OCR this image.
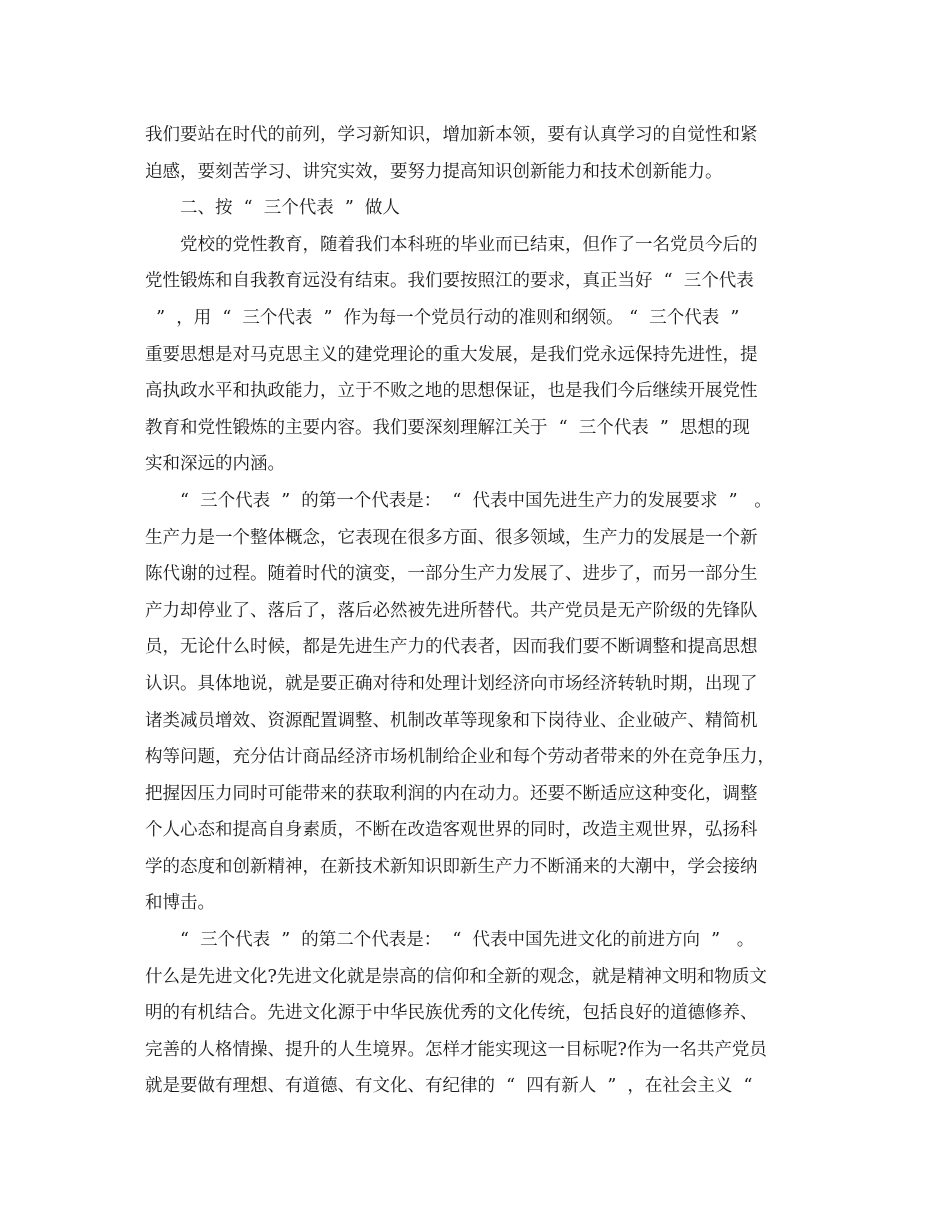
我们要站在时代的前列，学习新知识，增加新本领，要有认真学习的自觉性和紧
迫感，要刻苦学习、讲究实效，要努力提高知识创新能力和技术创新能力。
二、按  “  三个代表  ”  做人
党校的党性教育，随着我们本科班的毕业而已结束，但作了一名党员今后的
党性锻炼和自我教育远没有结束。我们要按照江的要求，真正当好  “  三个代表
”  ，用  “  三个代表  ”  作为每一个党员行动的准则和纲领。 “  三个代表  ”
重要思想是对马克思主义的建党理论的重大发展，是我们党永远保持先进性，提
高执政水平和执政能力，立于不败之地的思想保证，也是我们今后继续开展党性
教育和党性锻炼的主要内容。我们要深刻理解江关于  “  三个代表  ”  思想的现
实和深远的内涵。
“  三个代表  ”  的第一个代表是：  “  代表中国先进生产力的发展要求  ”   。
生产力是一个整体概念，它表现在很多方面、很多领域，生产力的发展是一个新
陈代谢的过程。随着时代的演变，一部分生产力发展了、进步了，而另一部分生
产力却停业了、落后了，落后必然被先进所替代。共产党员是无产阶级的先锋队
员，无论什么时候，都是先进生产力的代表者，因而我们要不断调整和提高思想
认识。具体地说，就是要正确对待和处理计划经济向市场经济转轨时期，出现了
诸类减员增效、资源配置调整、机制改革等现象和下岗待业、企业破产、精简机
构等问题，充分估计商品经济市场机制给企业和每个劳动者带来的外在竞争压力，
把握因压力同时可能带来的获取利润的内在动力。还要不断适应这种变化，调整
个人心态和提高自身素质，不断在改造客观世界的同时，改造主观世界，弘扬科
学的态度和创新精神，在新技术新知识即新生产力不断涌来的大潮中，学会接纳
和博击。
“  三个代表  ”  的第二个代表是：  “  代表中国先进文化的前进方向  ”   。
什么是先进文化?先进文化就是崇高的信仰和全新的观念，就是精神文明和物质文
明的有机结合。先进文化源于中华民族优秀的文化传统，包括良好的道德修养、
完善的人格情操、提升的人生境界。怎样才能实现这一目标呢?作为一名共产党员
就是要做有理想、有道德、有文化、有纪律的  “  四有新人  ”  ，在社会主义  “
